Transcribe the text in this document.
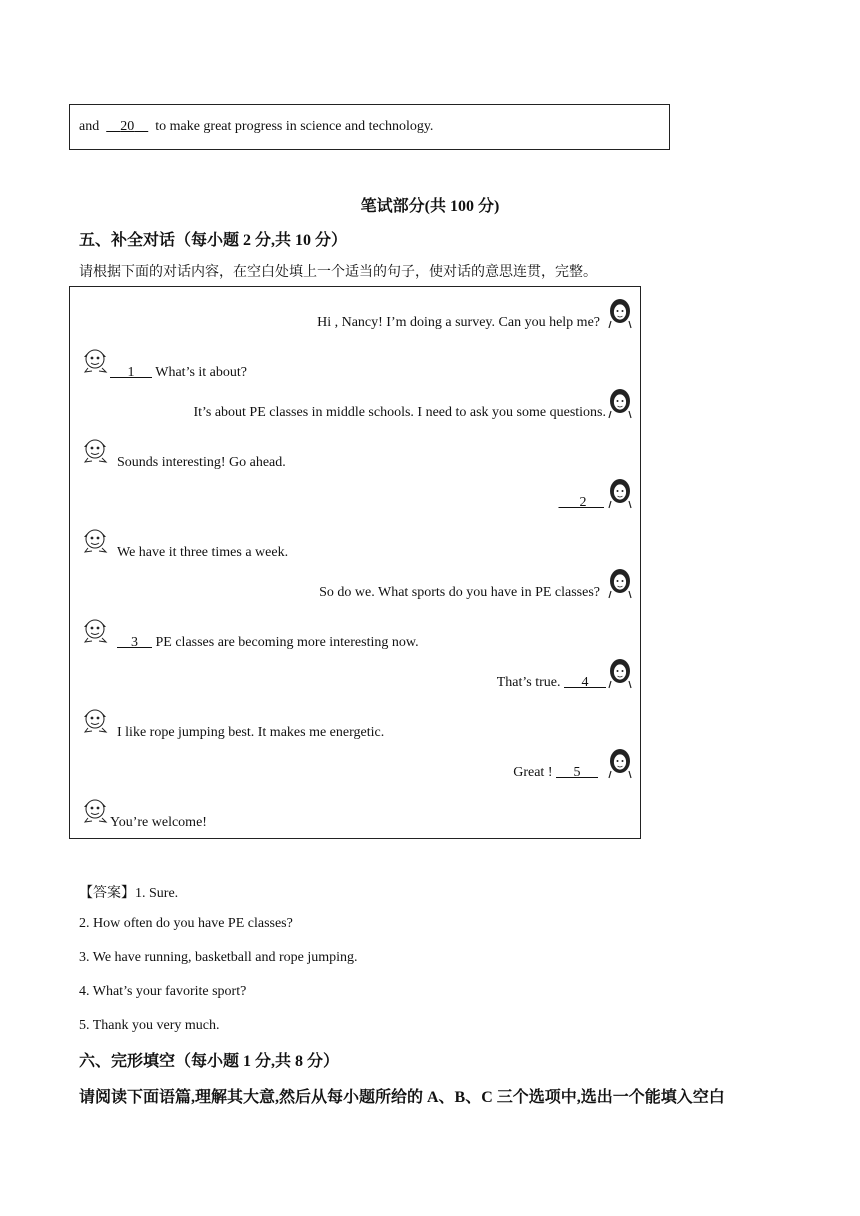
and 20 to make great progress in science and technology.
笔试部分(共 100 分)
五、补全对话（每小题 2 分,共 10 分）
请根据下面的对话内容，在空白处填上一个适当的句子，使对话的意思连贯，完整。
Hi , Nancy! I’m doing a survey. Can you help me?
1 What’s it about?
It’s about PE classes in middle schools. I need to ask you some questions.
Sounds interesting! Go ahead.
2
We have it three times a week.
So do we. What sports do you have in PE classes?
3 PE classes are becoming more interesting now.
That’s true. 4
I like rope jumping best. It makes me energetic.
Great ! 5
You’re welcome!
【答案】1. Sure.
2. How often do you have PE classes?
3. We have running, basketball and rope jumping.
4. What’s your favorite sport?
5. Thank you very much.
六、完形填空（每小题 1 分,共 8 分）
请阅读下面语篇,理解其大意,然后从每小题所给的 A、B、C 三个选项中,选出一个能填入空白
